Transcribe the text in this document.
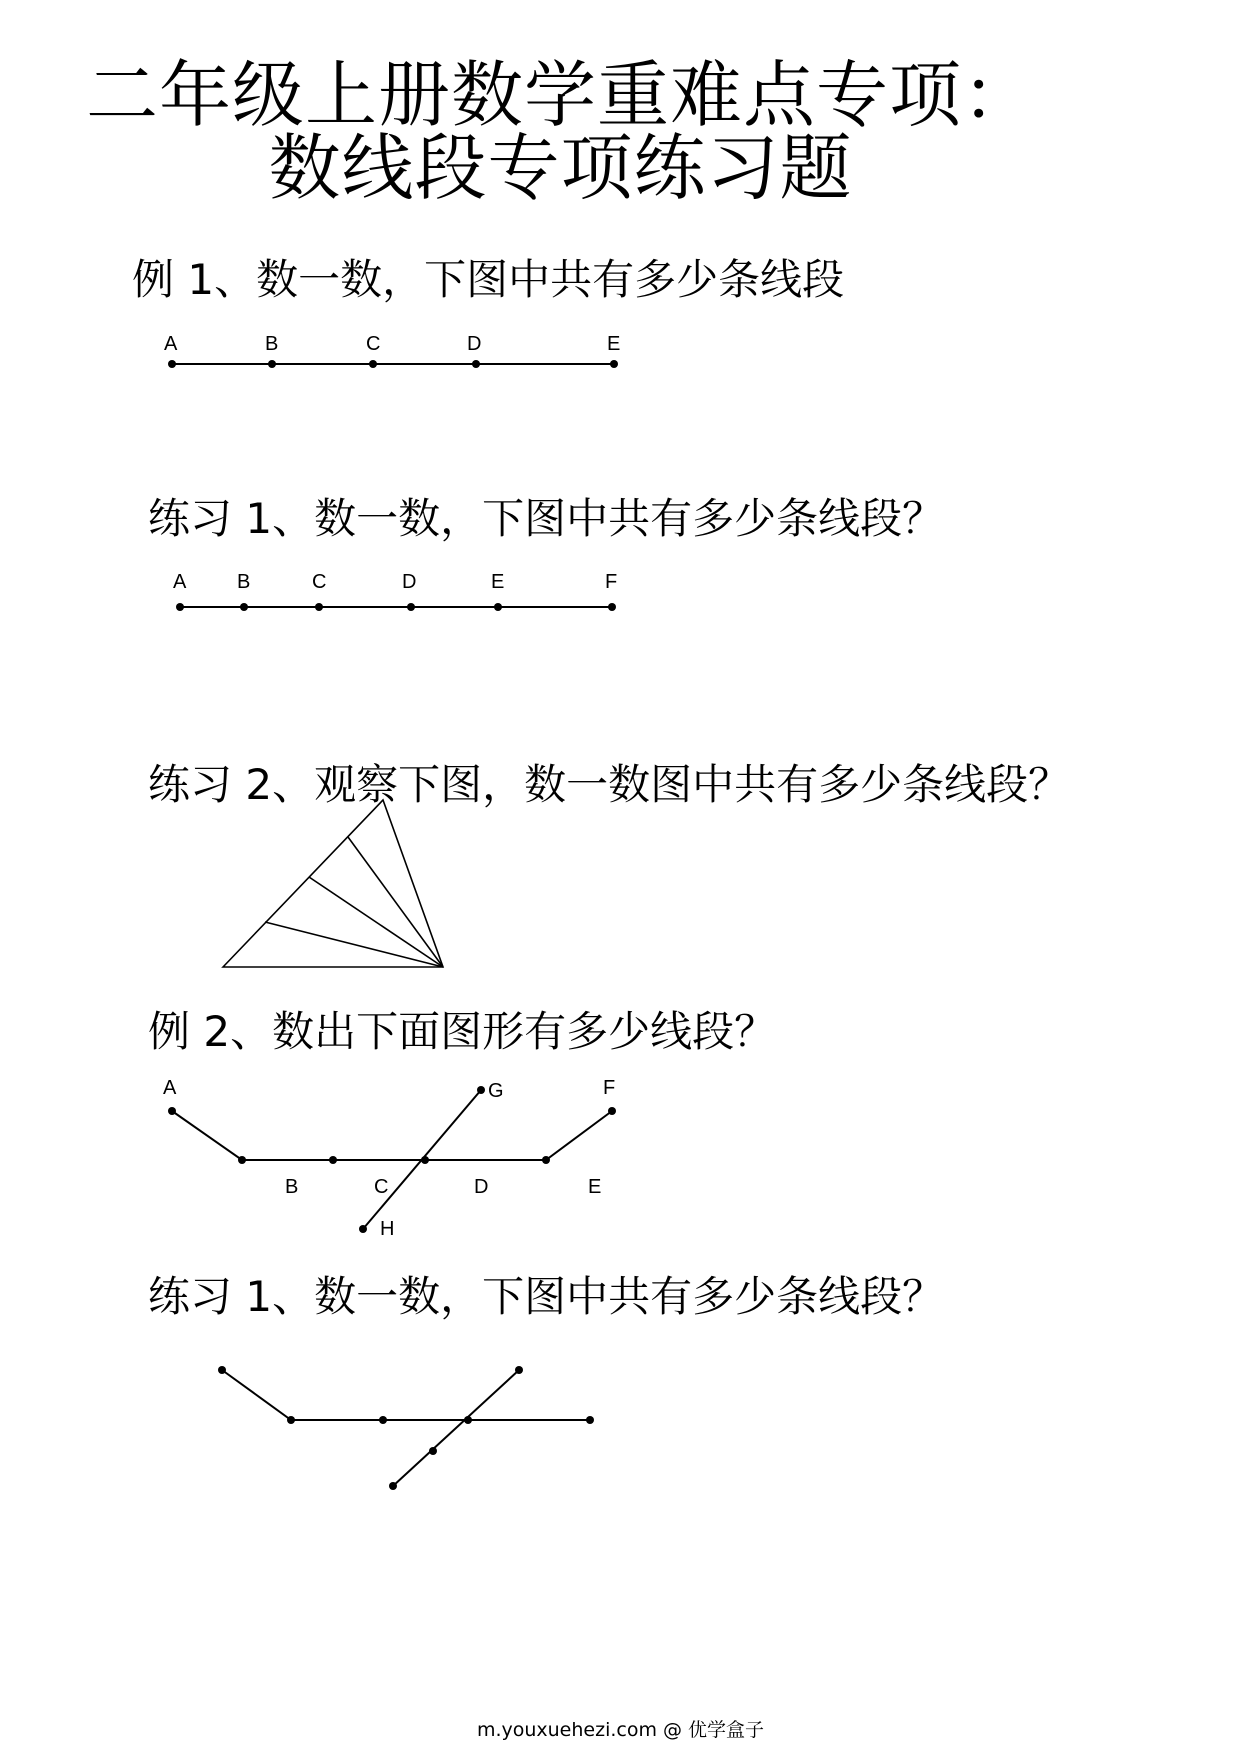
二年级上册数学重难点专项：
数线段专项练习题
例 1、数一数，下图中共有多少条线段
A	B	C	D	E
练习 1、数一数，下图中共有多少条线段？
A	B	C	D	E	F
练习 2、观察下图，数一数图中共有多少条线段？
例 2、数出下面图形有多少线段？
A
B	C	D	E
F
G
H
练习 1、数一数，下图中共有多少条线段？
m.youxuehezi.com @ 优学盒子
